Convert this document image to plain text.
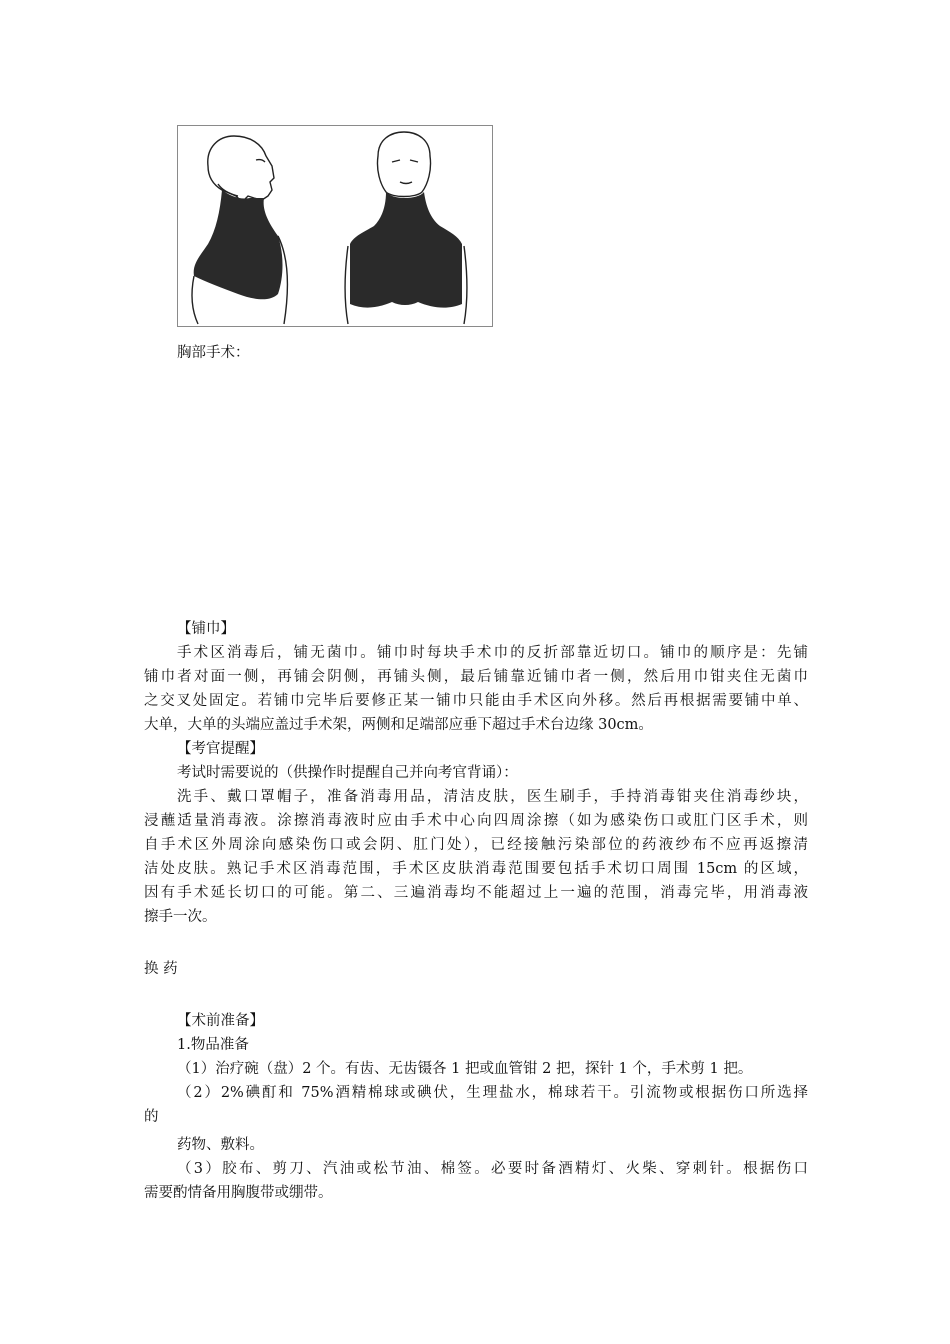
胸部手术：
【铺巾】
手术区消毒后，铺无菌巾。铺巾时每块手术巾的反折部靠近切口。铺巾的顺序是：先铺
铺巾者对面一侧，再铺会阴侧，再铺头侧，最后铺靠近铺巾者一侧，然后用巾钳夹住无菌巾
之交叉处固定。若铺巾完毕后要修正某一铺巾只能由手术区向外移。然后再根据需要铺中单、
大单，大单的头端应盖过手术架，两侧和足端部应垂下超过手术台边缘 30cm。
【考官提醒】
考试时需要说的（供操作时提醒自己并向考官背诵）：
洗手、戴口罩帽子，准备消毒用品，清洁皮肤，医生刷手，手持消毒钳夹住消毒纱块，
浸蘸适量消毒液。涂擦消毒液时应由手术中心向四周涂擦（如为感染伤口或肛门区手术，则
自手术区外周涂向感染伤口或会阴、肛门处），已经接触污染部位的药液纱布不应再返擦清
洁处皮肤。熟记手术区消毒范围，手术区皮肤消毒范围要包括手术切口周围 15cm 的区域，
因有手术延长切口的可能。第二、三遍消毒均不能超过上一遍的范围，消毒完毕，用消毒液
擦手一次。
换 药
【术前准备】
1.物品准备
（1）治疗碗（盘）2 个。有齿、无齿镊各 1 把或血管钳 2 把，探针 1 个，手术剪 1 把。
（2）2%碘酊和 75%酒精棉球或碘伏，生理盐水，棉球若干。引流物或根据伤口所选择
的
药物、敷料。
（3）胶布、剪刀、汽油或松节油、棉签。必要时备酒精灯、火柴、穿刺针。根据伤口
需要酌情备用胸腹带或绷带。
